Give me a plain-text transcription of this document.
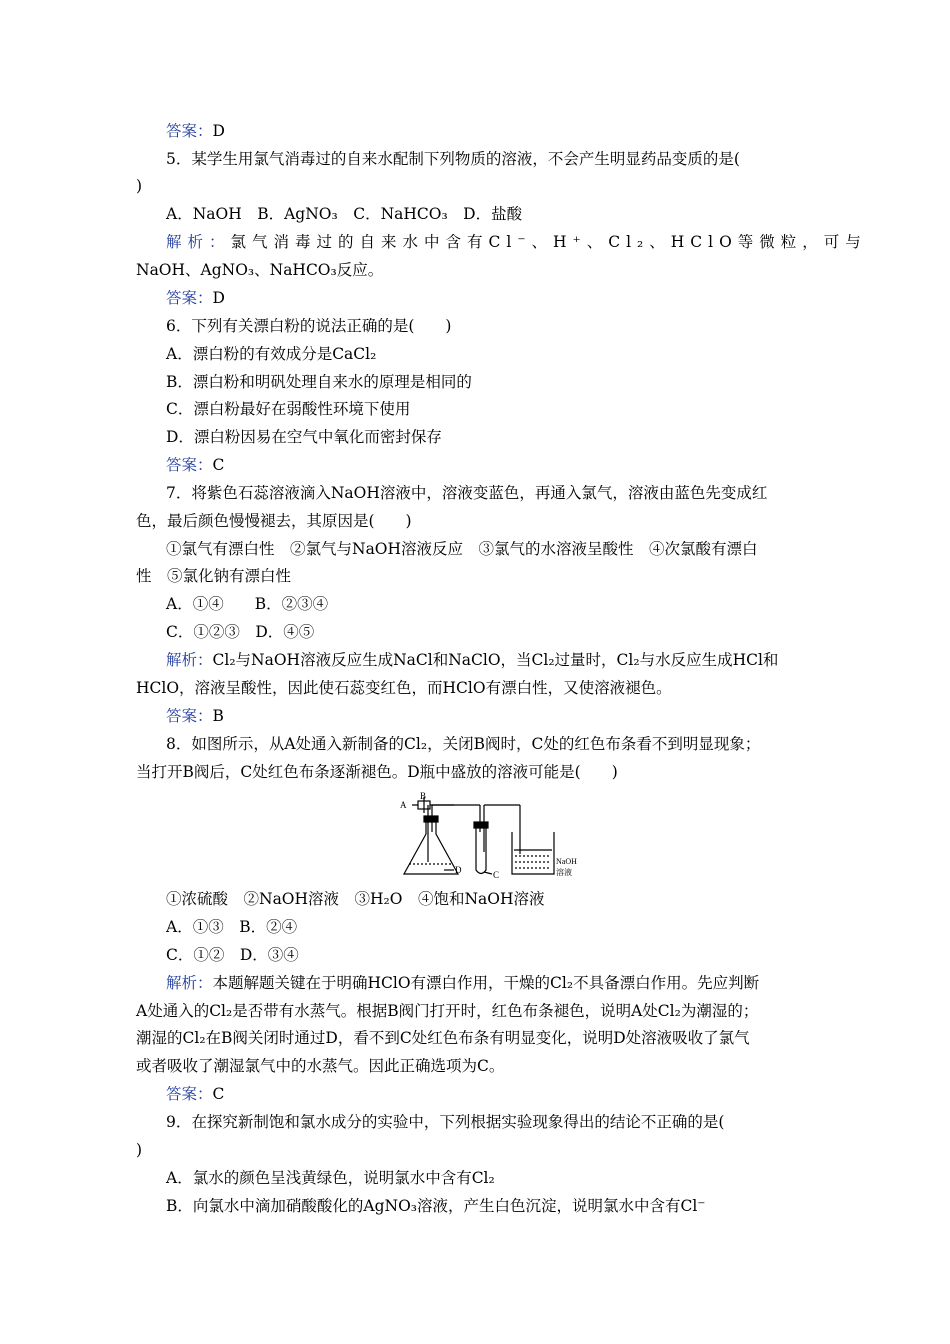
答案：D
5．某学生用氯气消毒过的自来水配制下列物质的溶液，不会产生明显药品变质的是(
)
A．NaOH　B．AgNO₃　C．NaHCO₃　D．盐酸
解析：氯气消毒过的自来水中含有Cl⁻、H⁺、Cl₂、HClO等微粒，可与
NaOH、AgNO₃、NaHCO₃反应。
答案：D
6．下列有关漂白粉的说法正确的是(　　)
A．漂白粉的有效成分是CaCl₂
B．漂白粉和明矾处理自来水的原理是相同的
C．漂白粉最好在弱酸性环境下使用
D．漂白粉因易在空气中氧化而密封保存
答案：C
7．将紫色石蕊溶液滴入NaOH溶液中，溶液变蓝色，再通入氯气，溶液由蓝色先变成红
色，最后颜色慢慢褪去，其原因是(　　)
①氯气有漂白性　②氯气与NaOH溶液反应　③氯气的水溶液呈酸性　④次氯酸有漂白
性　⑤氯化钠有漂白性
A．①④　　B．②③④
C．①②③　D．④⑤
解析：Cl₂与NaOH溶液反应生成NaCl和NaClO，当Cl₂过量时，Cl₂与水反应生成HCl和
HClO，溶液呈酸性，因此使石蕊变红色，而HClO有漂白性，又使溶液褪色。
答案：B
8．如图所示，从A处通入新制备的Cl₂，关闭B阀时，C处的红色布条看不到明显现象；
当打开B阀后，C处红色布条逐渐褪色。D瓶中盛放的溶液可能是(　　)
A
B
C
D
NaOH
溶液
①浓硫酸　②NaOH溶液　③H₂O　④饱和NaOH溶液
A．①③　B．②④
C．①②　D．③④
解析：本题解题关键在于明确HClO有漂白作用，干燥的Cl₂不具备漂白作用。先应判断
A处通入的Cl₂是否带有水蒸气。根据B阀门打开时，红色布条褪色，说明A处Cl₂为潮湿的；
潮湿的Cl₂在B阀关闭时通过D，看不到C处红色布条有明显变化，说明D处溶液吸收了氯气
或者吸收了潮湿氯气中的水蒸气。因此正确选项为C。
答案：C
9．在探究新制饱和氯水成分的实验中，下列根据实验现象得出的结论不正确的是(
)
A．氯水的颜色呈浅黄绿色，说明氯水中含有Cl₂
B．向氯水中滴加硝酸酸化的AgNO₃溶液，产生白色沉淀，说明氯水中含有Cl⁻
